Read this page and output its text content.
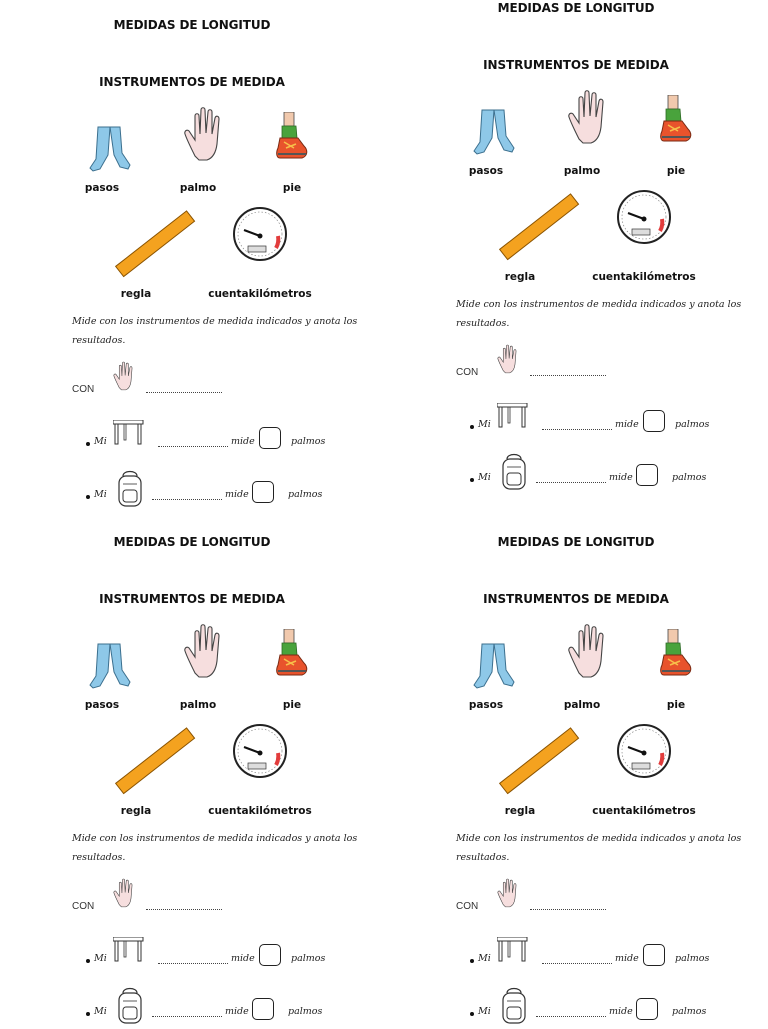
MEDIDAS DE LONGITUD
INSTRUMENTOS DE MEDIDA
pasos	palmo	pie
regla	cuentakilómetros
Mide con los instrumentos de medida indicados y anota los resultados.
CON
Mi	mide	palmos
Mi	mide	palmos
MEDIDAS DE LONGITUD
INSTRUMENTOS DE MEDIDA
pasos	palmo	pie
regla	cuentakilómetros
Mide con los instrumentos de medida indicados y anota los resultados.
CON
Mi	mide	palmos
Mi	mide	palmos
MEDIDAS DE LONGITUD
INSTRUMENTOS DE MEDIDA
pasos	palmo	pie
regla	cuentakilómetros
Mide con los instrumentos de medida indicados y anota los resultados.
CON
Mi	mide	palmos
Mi	mide	palmos
MEDIDAS DE LONGITUD
INSTRUMENTOS DE MEDIDA
pasos	palmo	pie
regla	cuentakilómetros
Mide con los instrumentos de medida indicados y anota los resultados.
CON
Mi	mide	palmos
Mi	mide	palmos
